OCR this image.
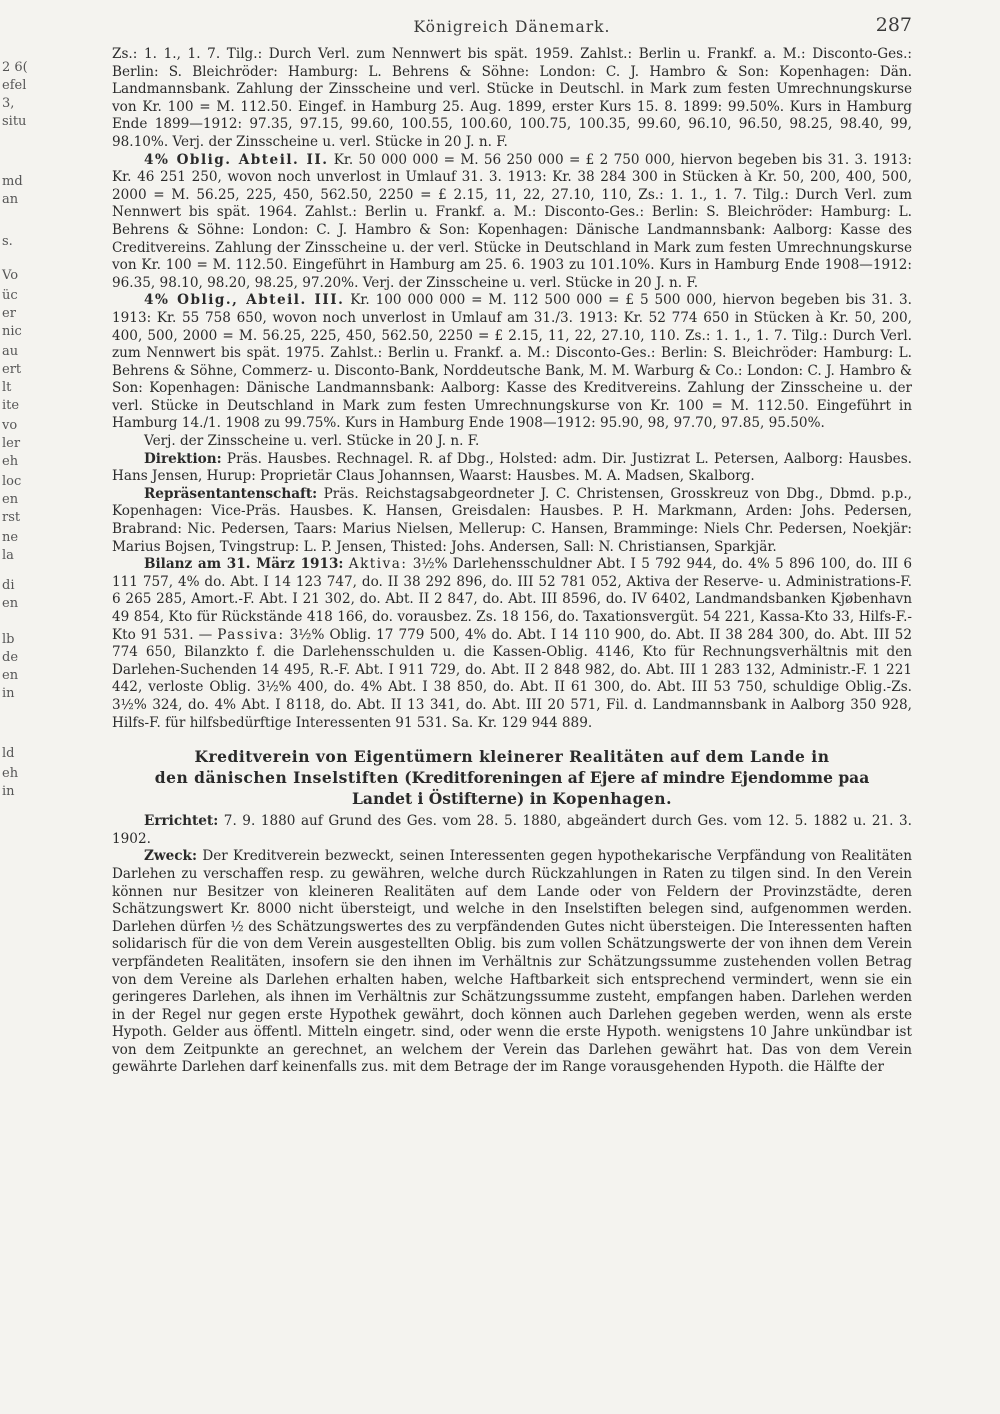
2 6(
efel
3,
situ
md
an
s.
Vo
üc
er
nic
au
ert
lt
ite
vo
ler
eh
loc
en
rst
ne
la
di
en
lb
de
en
in
ld
eh
in
Königreich Dänemark.	287

Zs.: 1. 1., 1. 7. Tilg.: Durch Verl. zum Nennwert bis spät. 1959. Zahlst.: Berlin u. Frankf. a. M.: Disconto-Ges.: Berlin: S. Bleichröder: Hamburg: L. Behrens & Söhne: London: C. J. Hambro & Son: Kopenhagen: Dän. Landmannsbank. Zahlung der Zinsscheine und verl. Stücke in Deutschl. in Mark zum festen Umrechnungskurse von Kr. 100 = M. 112.50. Eingef. in Hamburg 25. Aug. 1899, erster Kurs 15. 8. 1899: 99.50%. Kurs in Hamburg Ende 1899—1912: 97.35, 97.15, 99.60, 100.55, 100.60, 100.75, 100.35, 99.60, 96.10, 96.50, 98.25, 98.40, 99, 98.10%. Verj. der Zinsscheine u. verl. Stücke in 20 J. n. F.

4% Oblig. Abteil. II. Kr. 50 000 000 = M. 56 250 000 = £ 2 750 000, hiervon begeben bis 31. 3. 1913: Kr. 46 251 250, wovon noch unverlost in Umlauf 31. 3. 1913: Kr. 38 284 300 in Stücken à Kr. 50, 200, 400, 500, 2000 = M. 56.25, 225, 450, 562.50, 2250 = £ 2.15, 11, 22, 27.10, 110, Zs.: 1. 1., 1. 7. Tilg.: Durch Verl. zum Nennwert bis spät. 1964. Zahlst.: Berlin u. Frankf. a. M.: Disconto-Ges.: Berlin: S. Bleichröder: Hamburg: L. Behrens & Söhne: London: C. J. Hambro & Son: Kopenhagen: Dänische Landmannsbank: Aalborg: Kasse des Creditvereins. Zahlung der Zinsscheine u. der verl. Stücke in Deutschland in Mark zum festen Umrechnungskurse von Kr. 100 = M. 112.50. Eingeführt in Hamburg am 25. 6. 1903 zu 101.10%. Kurs in Hamburg Ende 1908—1912: 96.35, 98.10, 98.20, 98.25, 97.20%. Verj. der Zinsscheine u. verl. Stücke in 20 J. n. F.

4% Oblig., Abteil. III. Kr. 100 000 000 = M. 112 500 000 = £ 5 500 000, hiervon begeben bis 31. 3. 1913: Kr. 55 758 650, wovon noch unverlost in Umlauf am 31./3. 1913: Kr. 52 774 650 in Stücken à Kr. 50, 200, 400, 500, 2000 = M. 56.25, 225, 450, 562.50, 2250 = £ 2.15, 11, 22, 27.10, 110. Zs.: 1. 1., 1. 7. Tilg.: Durch Verl. zum Nennwert bis spät. 1975. Zahlst.: Berlin u. Frankf. a. M.: Disconto-Ges.: Berlin: S. Bleichröder: Hamburg: L. Behrens & Söhne, Commerz- u. Disconto-Bank, Norddeutsche Bank, M. M. Warburg & Co.: London: C. J. Hambro & Son: Kopenhagen: Dänische Landmannsbank: Aalborg: Kasse des Kreditvereins. Zahlung der Zinsscheine u. der verl. Stücke in Deutschland in Mark zum festen Umrechnungskurse von Kr. 100 = M. 112.50. Eingeführt in Hamburg 14./1. 1908 zu 99.75%. Kurs in Hamburg Ende 1908—1912: 95.90, 98, 97.70, 97.85, 95.50%.

Verj. der Zinsscheine u. verl. Stücke in 20 J. n. F.

Direktion: Präs. Hausbes. Rechnagel. R. af Dbg., Holsted: adm. Dir. Justizrat L. Petersen, Aalborg: Hausbes. Hans Jensen, Hurup: Proprietär Claus Johannsen, Waarst: Hausbes. M. A. Madsen, Skalborg.

Repräsentantenschaft: Präs. Reichstagsabgeordneter J. C. Christensen, Grosskreuz von Dbg., Dbmd. p.p., Kopenhagen: Vice-Präs. Hausbes. K. Hansen, Greisdalen: Hausbes. P. H. Markmann, Arden: Johs. Pedersen, Brabrand: Nic. Pedersen, Taars: Marius Nielsen, Mellerup: C. Hansen, Bramminge: Niels Chr. Pedersen, Noekjär: Marius Bojsen, Tvingstrup: L. P. Jensen, Thisted: Johs. Andersen, Sall: N. Christiansen, Sparkjär.

Bilanz am 31. März 1913: Aktiva: 3½% Darlehensschuldner Abt. I 5 792 944, do. 4% 5 896 100, do. III 6 111 757, 4% do. Abt. I 14 123 747, do. II 38 292 896, do. III 52 781 052, Aktiva der Reserve- u. Administrations-F. 6 265 285, Amort.-F. Abt. I 21 302, do. Abt. II 2 847, do. Abt. III 8596, do. IV 6402, Landmandsbanken Kjøbenhavn 49 854, Kto für Rückstände 418 166, do. vorausbez. Zs. 18 156, do. Taxationsvergüt. 54 221, Kassa-Kto 33, Hilfs-F.-Kto 91 531. — Passiva: 3½% Oblig. 17 779 500, 4% do. Abt. I 14 110 900, do. Abt. II 38 284 300, do. Abt. III 52 774 650, Bilanzkto f. die Darlehensschulden u. die Kassen-Oblig. 4146, Kto für Rechnungsverhältnis mit den Darlehen-Suchenden 14 495, R.-F. Abt. I 911 729, do. Abt. II 2 848 982, do. Abt. III 1 283 132, Administr.-F. 1 221 442, verloste Oblig. 3½% 400, do. 4% Abt. I 38 850, do. Abt. II 61 300, do. Abt. III 53 750, schuldige Oblig.-Zs. 3½% 324, do. 4% Abt. I 8118, do. Abt. II 13 341, do. Abt. III 20 571, Fil. d. Landmannsbank in Aalborg 350 928, Hilfs-F. für hilfsbedürftige Interessenten 91 531. Sa. Kr. 129 944 889.

Kreditverein von Eigentümern kleinerer Realitäten auf dem Lande in
den dänischen Inselstiften (Kreditforeningen af Ejere af mindre Ejendomme paa
Landet i Östifterne) in Kopenhagen.

Errichtet: 7. 9. 1880 auf Grund des Ges. vom 28. 5. 1880, abgeändert durch Ges. vom 12. 5. 1882 u. 21. 3. 1902.

Zweck: Der Kreditverein bezweckt, seinen Interessenten gegen hypothekarische Verpfändung von Realitäten Darlehen zu verschaffen resp. zu gewähren, welche durch Rückzahlungen in Raten zu tilgen sind. In den Verein können nur Besitzer von kleineren Realitäten auf dem Lande oder von Feldern der Provinzstädte, deren Schätzungswert Kr. 8000 nicht übersteigt, und welche in den Inselstiften belegen sind, aufgenommen werden. Darlehen dürfen ½ des Schätzungswertes des zu verpfändenden Gutes nicht übersteigen. Die Interessenten haften solidarisch für die von dem Verein ausgestellten Oblig. bis zum vollen Schätzungswerte der von ihnen dem Verein verpfändeten Realitäten, insofern sie den ihnen im Verhältnis zur Schätzungssumme zustehenden vollen Betrag von dem Vereine als Darlehen erhalten haben, welche Haftbarkeit sich entsprechend vermindert, wenn sie ein geringeres Darlehen, als ihnen im Verhältnis zur Schätzungssumme zusteht, empfangen haben. Darlehen werden in der Regel nur gegen erste Hypothek gewährt, doch können auch Darlehen gegeben werden, wenn als erste Hypoth. Gelder aus öffentl. Mitteln eingetr. sind, oder wenn die erste Hypoth. wenigstens 10 Jahre unkündbar ist von dem Zeitpunkte an gerechnet, an welchem der Verein das Darlehen gewährt hat. Das von dem Verein gewährte Darlehen darf keinenfalls zus. mit dem Betrage der im Range vorausgehenden Hypoth. die Hälfte der
